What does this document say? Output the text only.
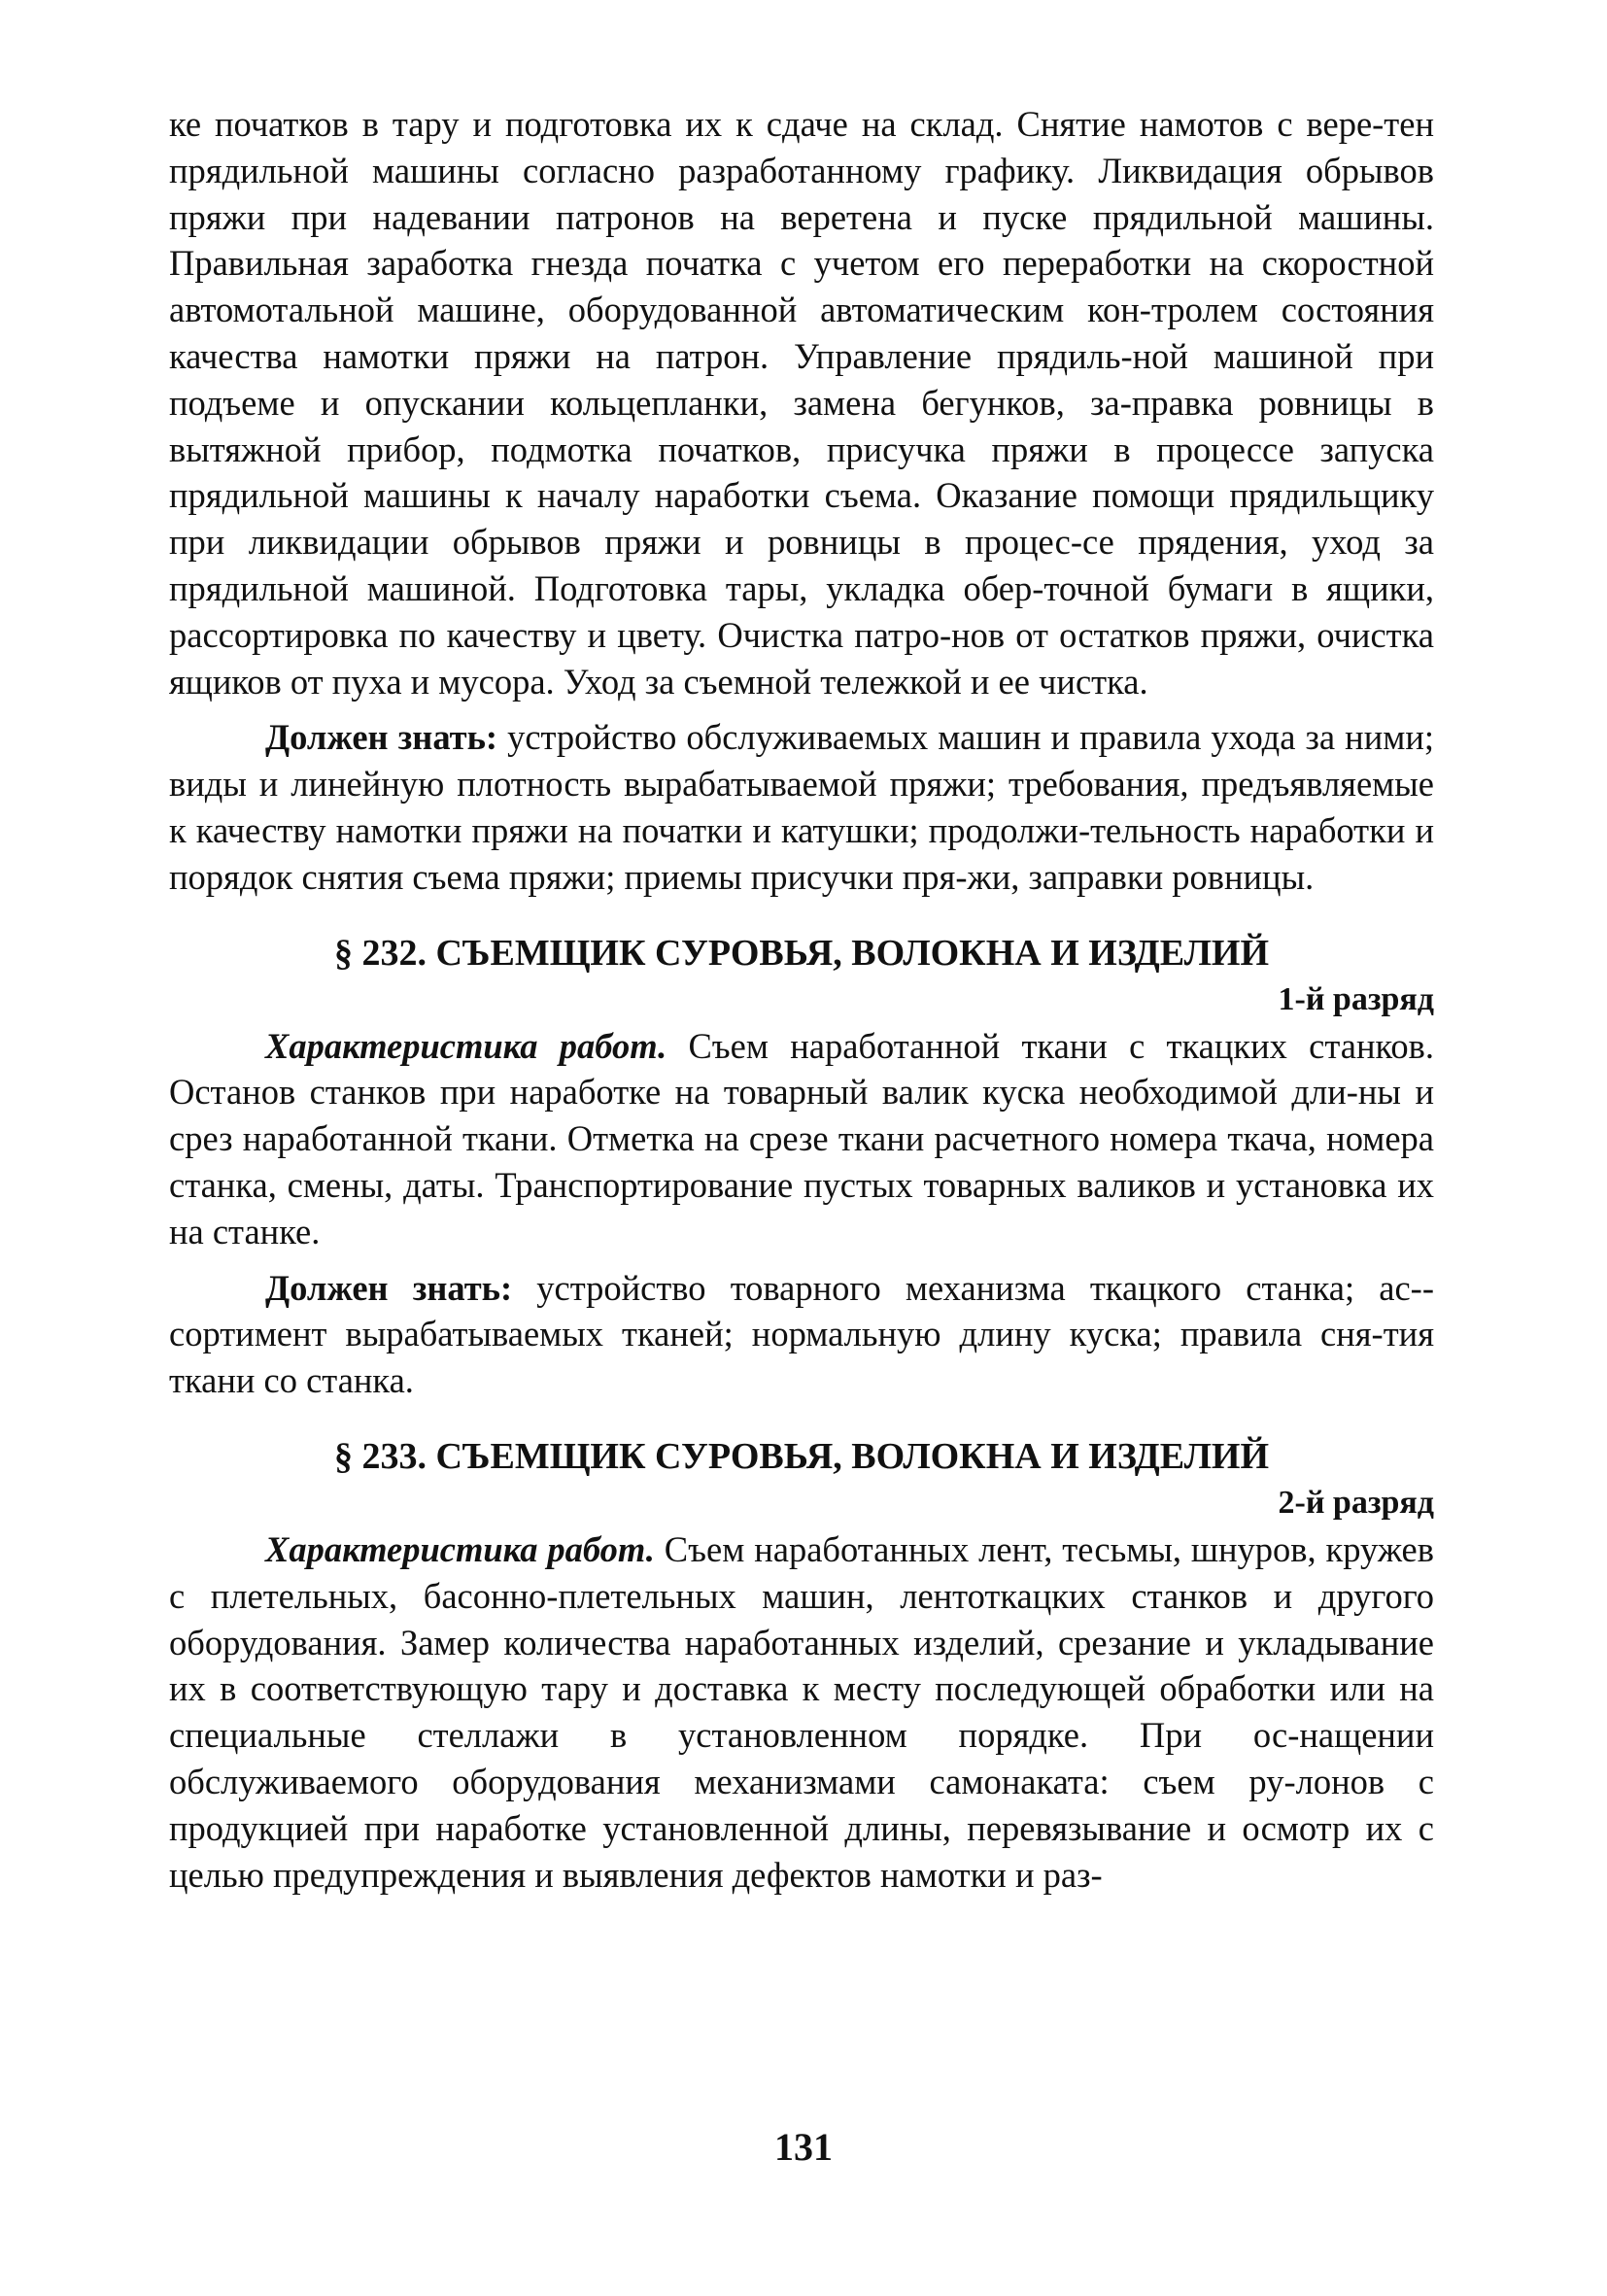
ке початков в тару и подготовка их к сдаче на склад. Снятие намотов с вере-тен прядильной машины согласно разработанному графику. Ликвидация обрывов пряжи при надевании патронов на веретена и пуске прядильной машины. Правильная заработка гнезда початка с учетом его переработки на скоростной автомотальной машине, оборудованной автоматическим кон-тролем состояния качества намотки пряжи на патрон. Управление прядиль-ной машиной при подъеме и опускании кольцепланки, замена бегунков, за-правка ровницы в вытяжной прибор, подмотка початков, присучка пряжи в процессе запуска прядильной машины к началу наработки съема. Оказание помощи прядильщику при ликвидации обрывов пряжи и ровницы в процес-се прядения, уход за прядильной машиной. Подготовка тары, укладка обер-точной бумаги в ящики, рассортировка по качеству и цвету. Очистка патро-нов от остатков пряжи, очистка ящиков от пуха и мусора. Уход за съемной тележкой и ее чистка.

Должен знать: устройство обслуживаемых машин и правила ухода за ними; виды и линейную плотность вырабатываемой пряжи; требования, предъявляемые к качеству намотки пряжи на початки и катушки; продолжи-тельность наработки и порядок снятия съема пряжи; приемы присучки пря-жи, заправки ровницы.

§ 232. СЪЕМЩИК СУРОВЬЯ, ВОЛОКНА И ИЗДЕЛИЙ

1-й разряд

Характеристика работ. Съем наработанной ткани с ткацких станков. Останов станков при наработке на товарный валик куска необходимой дли-ны и срез наработанной ткани. Отметка на срезе ткани расчетного номера ткача, номера станка, смены, даты. Транспортирование пустых товарных валиков и установка их на станке.

Должен знать: устройство товарного механизма ткацкого станка; ас-сортимент вырабатываемых тканей; нормальную длину куска; правила сня-тия ткани со станка.

§ 233. СЪЕМЩИК СУРОВЬЯ, ВОЛОКНА И ИЗДЕЛИЙ

2-й разряд

Характеристика работ. Съем наработанных лент, тесьмы, шнуров, кружев с плетельных, басонно-плетельных машин, лентоткацких станков и другого оборудования. Замер количества наработанных изделий, срезание и укладывание их в соответствующую тару и доставка к месту последующей обработки или на специальные стеллажи в установленном порядке. При ос-нащении обслуживаемого оборудования механизмами самонаката: съем ру-лонов с продукцией при наработке установленной длины, перевязывание и осмотр их с целью предупреждения и выявления дефектов намотки и раз-

131
